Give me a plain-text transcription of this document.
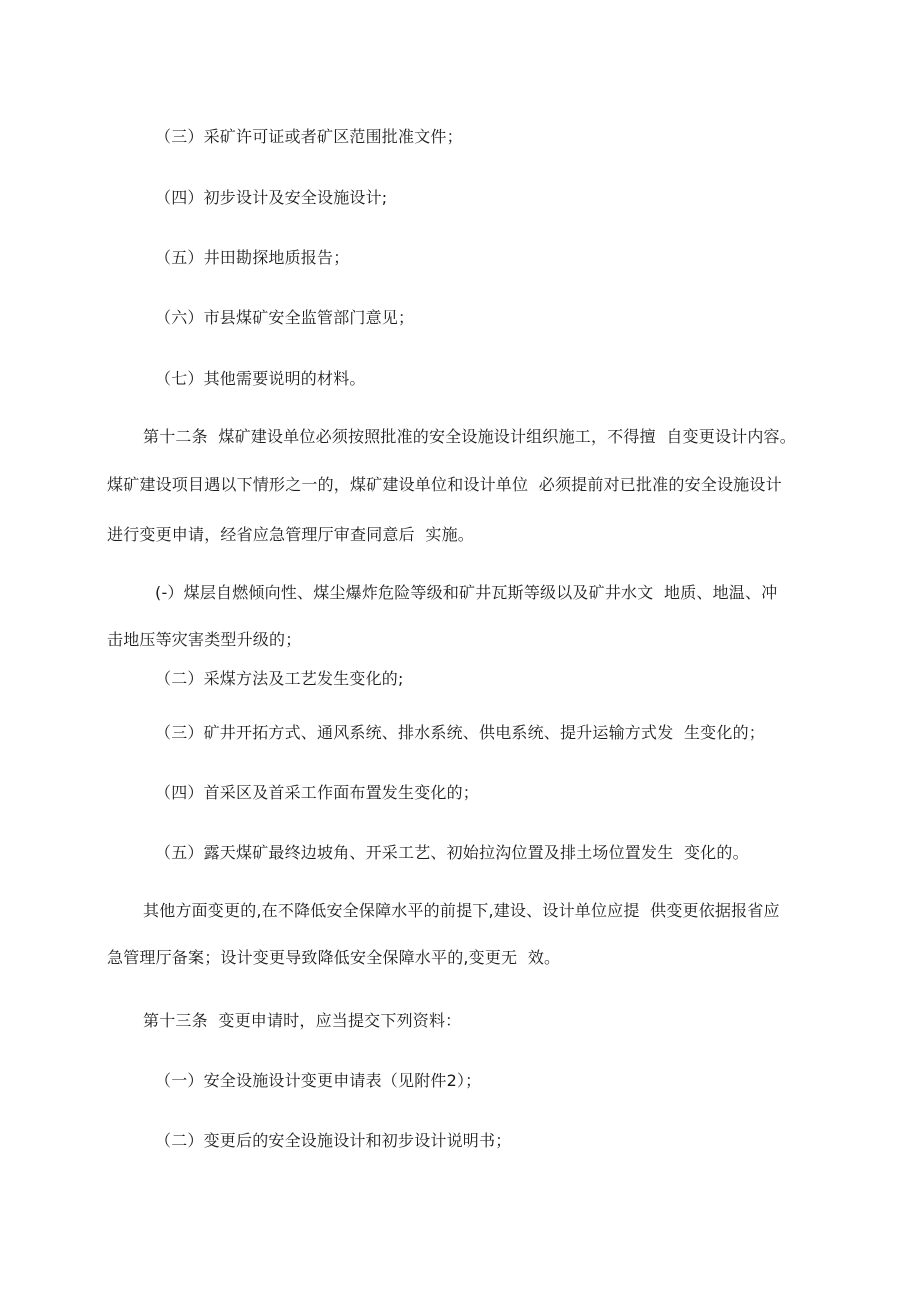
（三）采矿许可证或者矿区范围批准文件；
（四）初步设计及安全设施设计;
（五）井田勘探地质报告；
（六）市县煤矿安全监管部门意见；
（七）其他需要说明的材料。
第十二条  煤矿建设单位必须按照批准的安全设施设计组织施工，不得擅  自变更设计内容。
煤矿建设项目遇以下情形之一的，煤矿建设单位和设计单位  必须提前对已批准的安全设施设计
进行变更申请，经省应急管理厅审查同意后  实施。
(-）煤层自燃倾向性、煤尘爆炸危险等级和矿井瓦斯等级以及矿井水文  地质、地温、冲
击地压等灾害类型升级的；
（二）采煤方法及工艺发生变化的;
（三）矿井开拓方式、通风系统、排水系统、供电系统、提升运输方式发  生变化的；
（四）首采区及首采工作面布置发生变化的；
（五）露天煤矿最终边坡角、开采工艺、初始拉沟位置及排土场位置发生  变化的。
其他方面变更的,在不降低安全保障水平的前提下,建设、设计单位应提  供变更依据报省应
急管理厅备案；设计变更导致降低安全保障水平的,变更无  效。
第十三条  变更申请时，应当提交下列资料：
（一）安全设施设计变更申请表（见附件2）；
（二）变更后的安全设施设计和初步设计说明书；
